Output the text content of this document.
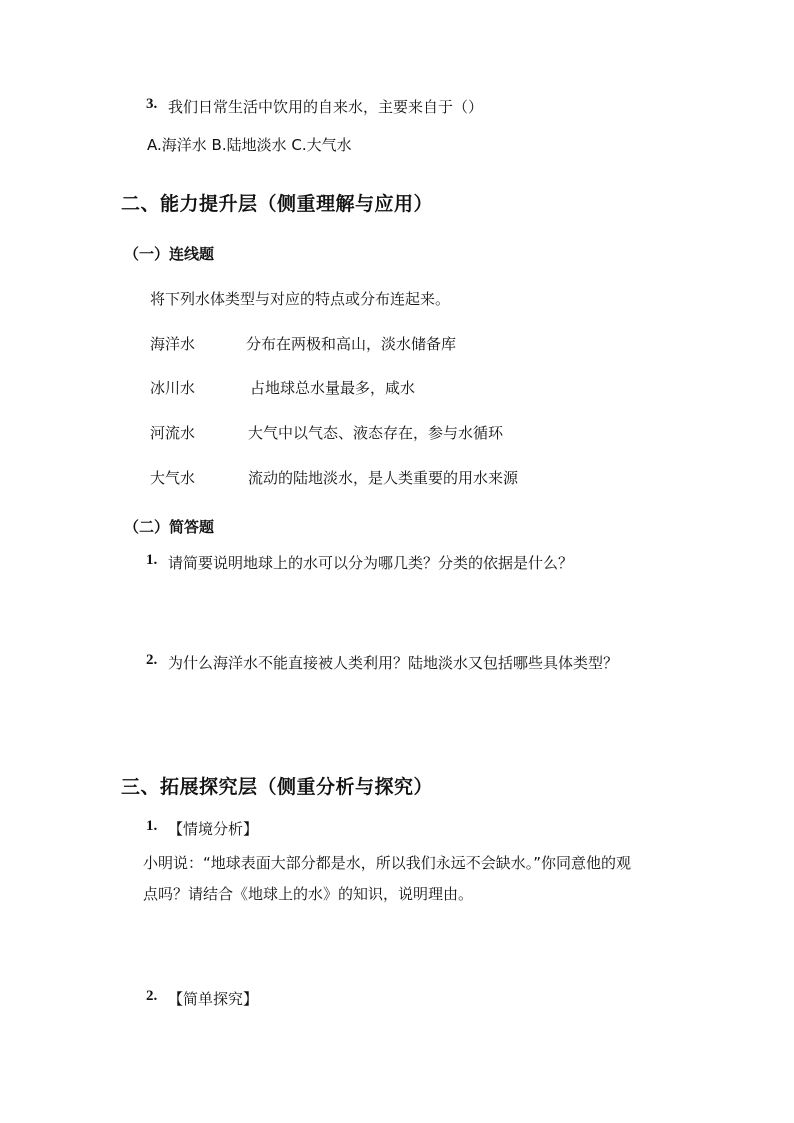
3. 我们日常生活中饮用的自来水，主要来自于（）
A.海洋水 B.陆地淡水 C.大气水
二、能力提升层（侧重理解与应用）
（一）连线题
将下列水体类型与对应的特点或分布连起来。
海洋水	分布在两极和高山，淡水储备库
冰川水	占地球总水量最多，咸水
河流水	大气中以气态、液态存在，参与水循环
大气水	流动的陆地淡水，是人类重要的用水来源
（二）简答题
1. 请简要说明地球上的水可以分为哪几类？分类的依据是什么？
2. 为什么海洋水不能直接被人类利用？陆地淡水又包括哪些具体类型？
三、拓展探究层（侧重分析与探究）
1. 【情境分析】
小明说：“地球表面大部分都是水，所以我们永远不会缺水。”你同意他的观
点吗？请结合《地球上的水》的知识，说明理由。
2. 【简单探究】
